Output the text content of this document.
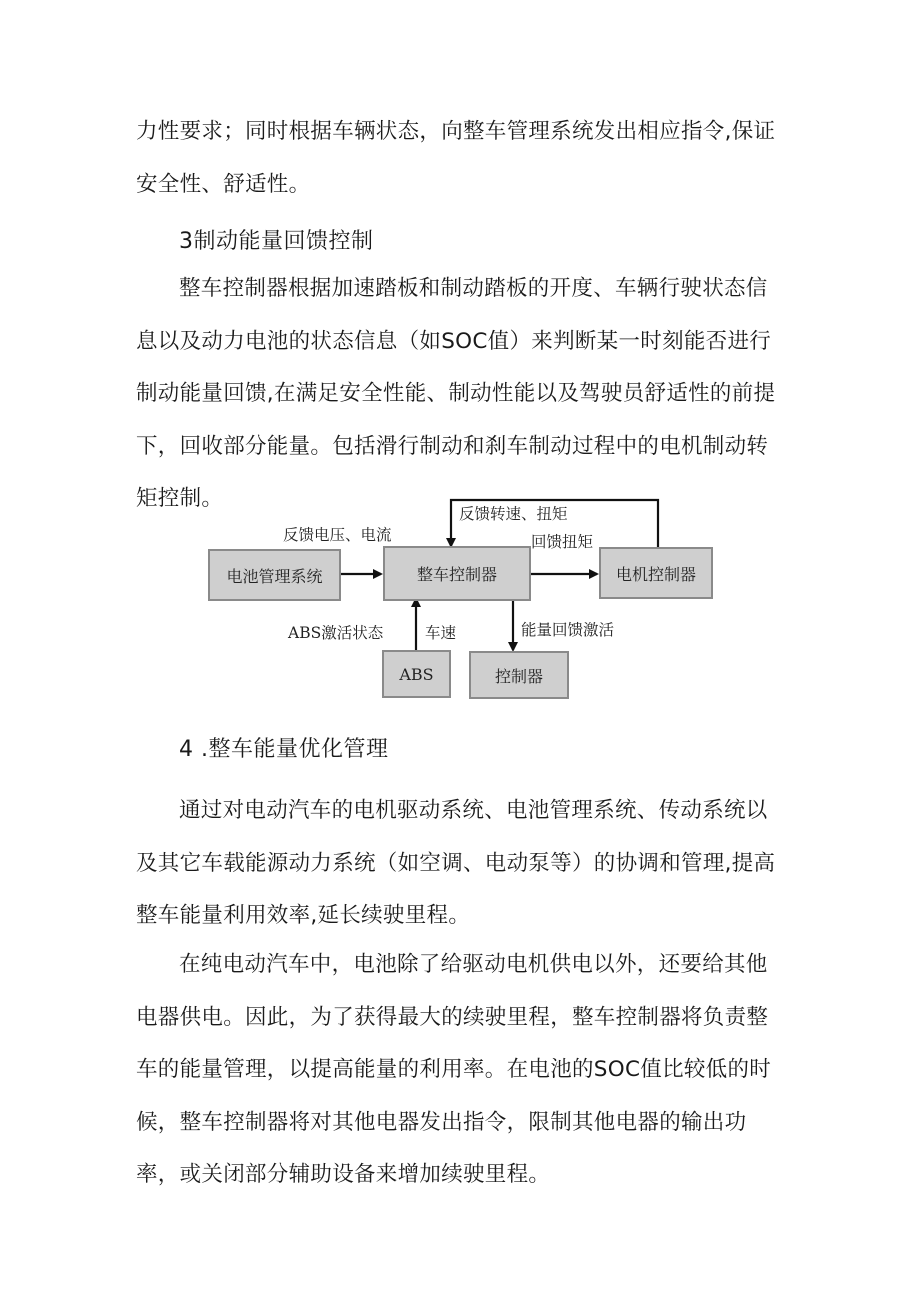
力性要求；同时根据车辆状态，向整车管理系统发出相应指令,保证安全性、舒适性。

3制动能量回馈控制

整车控制器根据加速踏板和制动踏板的开度、车辆行驶状态信息以及动力电池的状态信息（如SOC值）来判断某一时刻能否进行制动能量回馈,在满足安全性能、制动性能以及驾驶员舒适性的前提下，回收部分能量。包括滑行制动和刹车制动过程中的电机制动转矩控制。

电池管理系统	整车控制器	电机控制器
ABS	控制器
反馈电压、电流
反馈转速、扭矩
回馈扭矩
ABS激活状态	车速	能量回馈激活

4 .整车能量优化管理

通过对电动汽车的电机驱动系统、电池管理系统、传动系统以及其它车载能源动力系统（如空调、电动泵等）的协调和管理,提高整车能量利用效率,延长续驶里程。

在纯电动汽车中，电池除了给驱动电机供电以外，还要给其他电器供电。因此，为了获得最大的续驶里程，整车控制器将负责整车的能量管理，以提高能量的利用率。在电池的SOC值比较低的时候，整车控制器将对其他电器发出指令，限制其他电器的输出功率，或关闭部分辅助设备来增加续驶里程。
